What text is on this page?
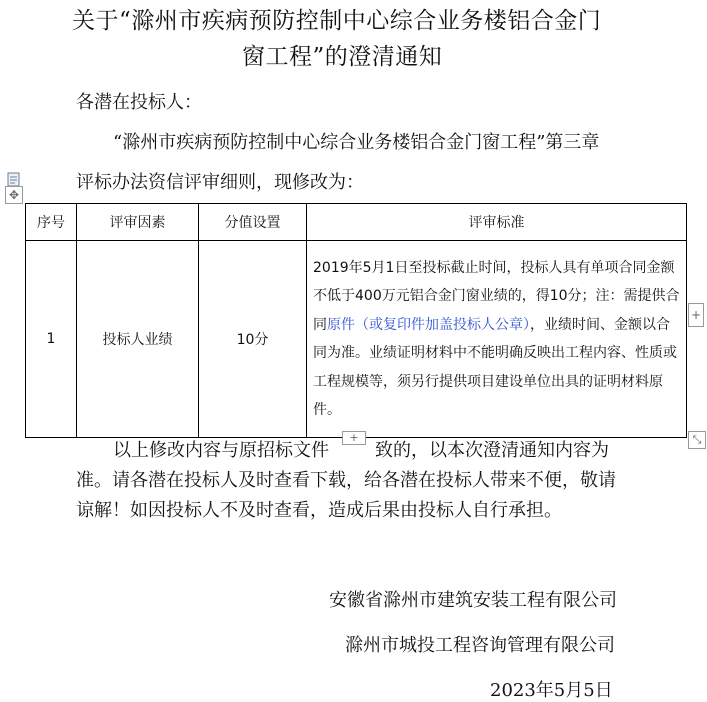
关于“滁州市疾病预防控制中心综合业务楼铝合金门
窗工程”的澄清通知
各潜在投标人：
“滁州市疾病预防控制中心综合业务楼铝合金门窗工程”第三章
评标办法资信评审细则，现修改为：
✥
序号	评审因素	分值设置	评审标准
1	投标人业绩	10分	2019年5月1日至投标截止时间，投标人具有单项合同金额不低于400万元铝合金门窗业绩的，得10分；注：需提供合同原件（或复印件加盖投标人公章），业绩时间、金额以合同为准。业绩证明材料中不能明确反映出工程内容、性质或工程规模等，须另行提供项目建设单位出具的证明材料原件。
+
+	⤡
以上修改内容与原招标文件	致的，以本次澄清通知内容为
准。请各潜在投标人及时查看下载，给各潜在投标人带来不便，敬请
谅解！如因投标人不及时查看，造成后果由投标人自行承担。
安徽省滁州市建筑安装工程有限公司
滁州市城投工程咨询管理有限公司
2023年5月5日
